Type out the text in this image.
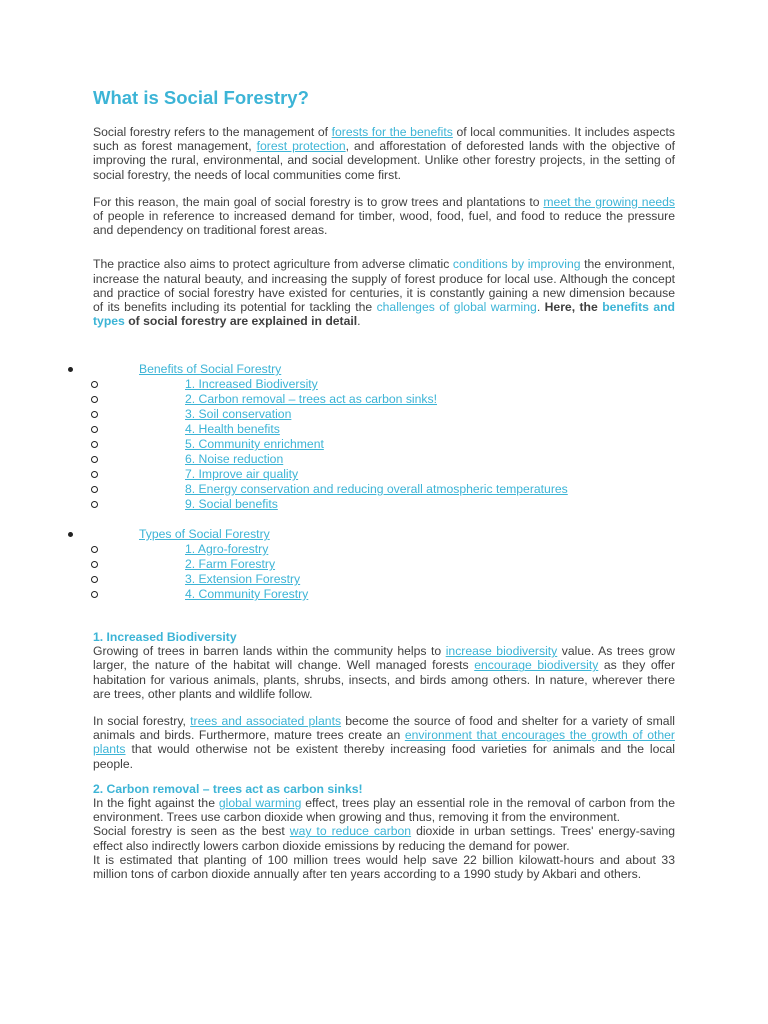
What is Social Forestry?

Social forestry refers to the management of forests for the benefits of local communities. It includes aspects such as forest management, forest protection, and afforestation of deforested lands with the objective of improving the rural, environmental, and social development. Unlike other forestry projects, in the setting of social forestry, the needs of local communities come first.

For this reason, the main goal of social forestry is to grow trees and plantations to meet the growing needs of people in reference to increased demand for timber, wood, food, fuel, and food to reduce the pressure and dependency on traditional forest areas.

The practice also aims to protect agriculture from adverse climatic conditions by improving the environment, increase the natural beauty, and increasing the supply of forest produce for local use. Although the concept and practice of social forestry have existed for centuries, it is constantly gaining a new dimension because of its benefits including its potential for tackling the challenges of global warming. Here, the benefits and types of social forestry are explained in detail.

Benefits of Social Forestry
1. Increased Biodiversity
2. Carbon removal – trees act as carbon sinks!
3. Soil conservation
4. Health benefits
5. Community enrichment
6. Noise reduction
7. Improve air quality
8. Energy conservation and reducing overall atmospheric temperatures
9. Social benefits
Types of Social Forestry
1. Agro-forestry
2. Farm Forestry
3. Extension Forestry
4. Community Forestry
1. Increased Biodiversity

Growing of trees in barren lands within the community helps to increase biodiversity value. As trees grow larger, the nature of the habitat will change. Well managed forests encourage biodiversity as they offer habitation for various animals, plants, shrubs, insects, and birds among others. In nature, wherever there are trees, other plants and wildlife follow.

In social forestry, trees and associated plants become the source of food and shelter for a variety of small animals and birds. Furthermore, mature trees create an environment that encourages the growth of other plants that would otherwise not be existent thereby increasing food varieties for animals and the local people.

2. Carbon removal – trees act as carbon sinks!

In the fight against the global warming effect, trees play an essential role in the removal of carbon from the environment. Trees use carbon dioxide when growing and thus, removing it from the environment.

Social forestry is seen as the best way to reduce carbon dioxide in urban settings. Trees' energy-saving effect also indirectly lowers carbon dioxide emissions by reducing the demand for power.

It is estimated that planting of 100 million trees would help save 22 billion kilowatt-hours and about 33 million tons of carbon dioxide annually after ten years according to a 1990 study by Akbari and others.
